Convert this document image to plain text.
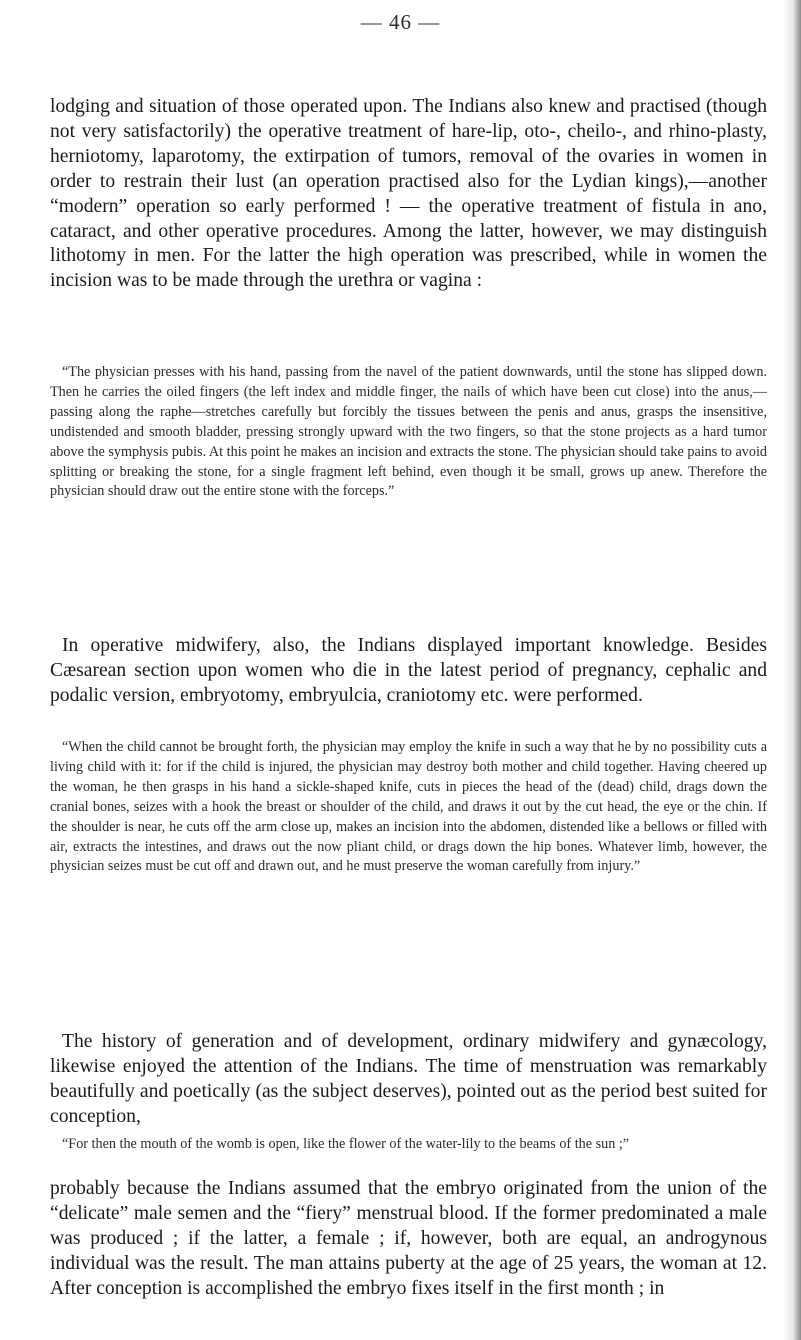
— 46 —

lodging and situation of those operated upon. The Indians also knew and practised (though not very satisfactorily) the operative treatment of hare-lip, oto-, cheilo-, and rhino-plasty, herniotomy, laparotomy, the extirpation of tumors, removal of the ovaries in women in order to restrain their lust (an operation practised also for the Lydian kings),—another “modern” operation so early performed ! — the operative treatment of fistula in ano, cataract, and other operative procedures. Among the latter, however, we may distinguish lithotomy in men. For the latter the high operation was prescribed, while in women the incision was to be made through the urethra or vagina :

“The physician presses with his hand, passing from the navel of the patient downwards, until the stone has slipped down. Then he carries the oiled fingers (the left index and middle finger, the nails of which have been cut close) into the anus,— passing along the raphe—stretches carefully but forcibly the tissues between the penis and anus, grasps the insensitive, undistended and smooth bladder, pressing strongly upward with the two fingers, so that the stone projects as a hard tumor above the symphysis pubis. At this point he makes an incision and extracts the stone. The physician should take pains to avoid splitting or breaking the stone, for a single fragment left behind, even though it be small, grows up anew. Therefore the physician should draw out the entire stone with the forceps.”

In operative midwifery, also, the Indians displayed important knowledge. Besides Cæsarean section upon women who die in the latest period of pregnancy, cephalic and podalic version, embryotomy, embryulcia, craniotomy etc. were performed.

“When the child cannot be brought forth, the physician may employ the knife in such a way that he by no possibility cuts a living child with it: for if the child is injured, the physician may destroy both mother and child together. Having cheered up the woman, he then grasps in his hand a sickle-shaped knife, cuts in pieces the head of the (dead) child, drags down the cranial bones, seizes with a hook the breast or shoulder of the child, and draws it out by the cut head, the eye or the chin. If the shoulder is near, he cuts off the arm close up, makes an incision into the abdomen, distended like a bellows or filled with air, extracts the intestines, and draws out the now pliant child, or drags down the hip bones. Whatever limb, however, the physician seizes must be cut off and drawn out, and he must preserve the woman carefully from injury.”

The history of generation and of development, ordinary midwifery and gynæcology, likewise enjoyed the attention of the Indians. The time of menstruation was remarkably beautifully and poetically (as the subject deserves), pointed out as the period best suited for conception,

“For then the mouth of the womb is open, like the flower of the water-lily to the beams of the sun ;”

probably because the Indians assumed that the embryo originated from the union of the “delicate” male semen and the “fiery” menstrual blood. If the former predominated a male was produced ; if the latter, a female ; if, however, both are equal, an androgynous individual was the result. The man attains puberty at the age of 25 years, the woman at 12. After conception is accomplished the embryo fixes itself in the first month ; in
